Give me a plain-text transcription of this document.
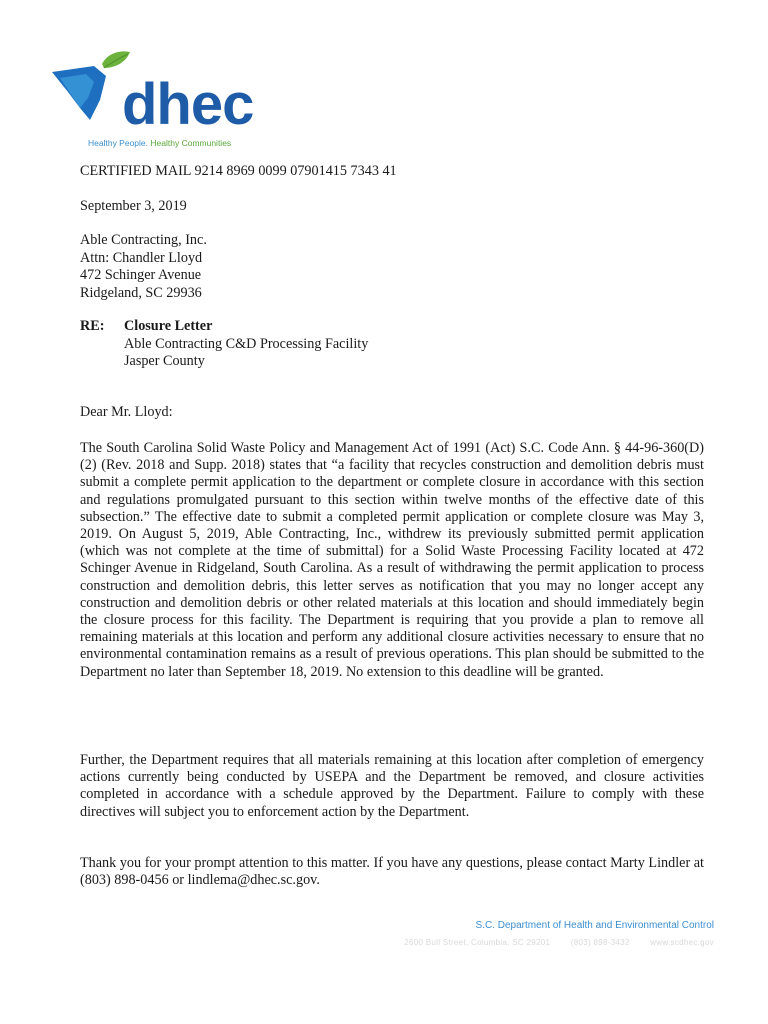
dhec
Healthy People. Healthy Communities
CERTIFIED MAIL 9214 8969 0099 07901415 7343 41
September 3, 2019
Able Contracting, Inc.
Attn: Chandler Lloyd
472 Schinger Avenue
Ridgeland, SC 29936
RE: Closure Letter
Able Contracting C&D Processing Facility
Jasper County
Dear Mr. Lloyd:

The South Carolina Solid Waste Policy and Management Act of 1991 (Act) S.C. Code Ann. § 44-96-360(D)(2) (Rev. 2018 and Supp. 2018) states that “a facility that recycles construction and demolition debris must submit a complete permit application to the department or complete closure in accordance with this section and regulations promulgated pursuant to this section within twelve months of the effective date of this subsection.” The effective date to submit a completed permit application or complete closure was May 3, 2019. On August 5, 2019, Able Contracting, Inc., withdrew its previously submitted permit application (which was not complete at the time of submittal) for a Solid Waste Processing Facility located at 472 Schinger Avenue in Ridgeland, South Carolina. As a result of withdrawing the permit application to process construction and demolition debris, this letter serves as notification that you may no longer accept any construction and demolition debris or other related materials at this location and should immediately begin the closure process for this facility. The Department is requiring that you provide a plan to remove all remaining materials at this location and perform any additional closure activities necessary to ensure that no environmental contamination remains as a result of previous operations. This plan should be submitted to the Department no later than September 18, 2019. No extension to this deadline will be granted.

Further, the Department requires that all materials remaining at this location after completion of emergency actions currently being conducted by USEPA and the Department be removed, and closure activities completed in accordance with a schedule approved by the Department. Failure to comply with these directives will subject you to enforcement action by the Department.

Thank you for your prompt attention to this matter. If you have any questions, please contact Marty Lindler at (803) 898-0456 or lindlema@dhec.sc.gov.

S.C. Department of Health and Environmental Control
2600 Bull Street, Columbia, SC 29201	(803) 898-3432	www.scdhec.gov
